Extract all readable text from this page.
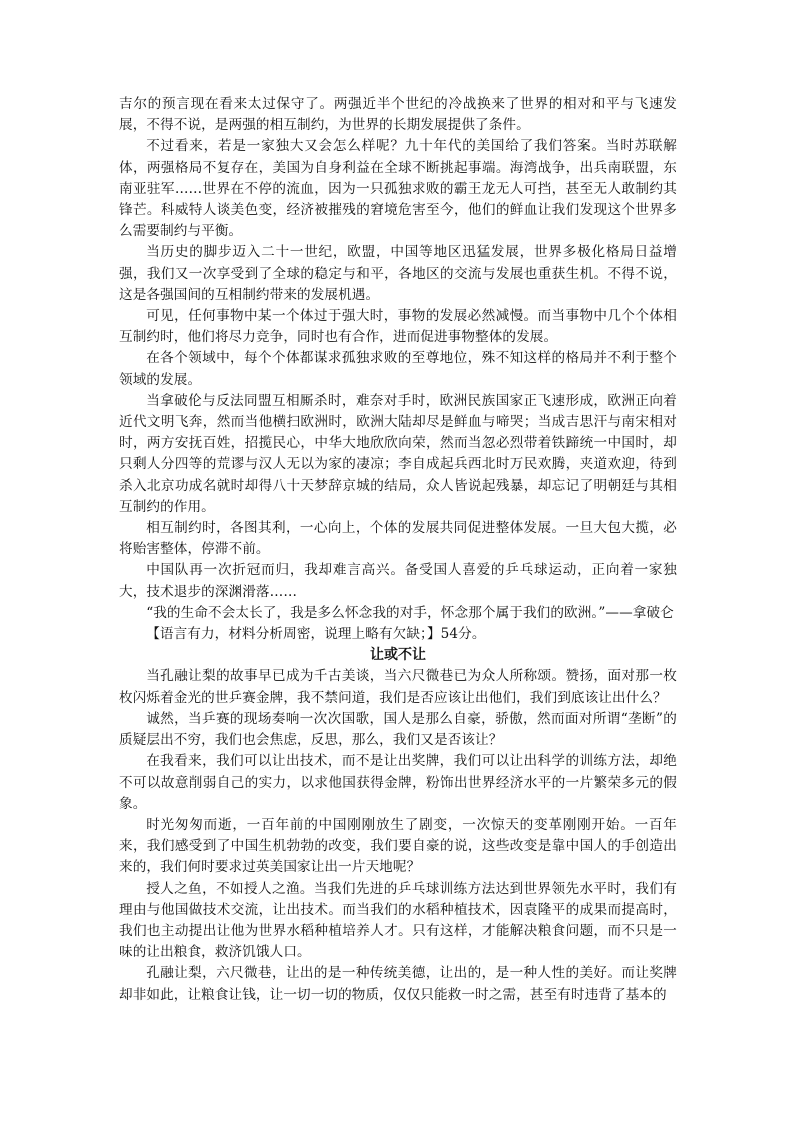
吉尔的预言现在看来太过保守了。两强近半个世纪的冷战换来了世界的相对和平与飞速发展，不得不说，是两强的相互制约，为世界的长期发展提供了条件。

不过看来，若是一家独大又会怎么样呢？九十年代的美国给了我们答案。当时苏联解体，两强格局不复存在，美国为自身利益在全球不断挑起事端。海湾战争，出兵南联盟，东南亚驻军……世界在不停的流血，因为一只孤独求败的霸王龙无人可挡，甚至无人敢制约其锋芒。科威特人谈美色变，经济被摧残的窘境危害至今，他们的鲜血让我们发现这个世界多么需要制约与平衡。

当历史的脚步迈入二十一世纪，欧盟，中国等地区迅猛发展，世界多极化格局日益增强，我们又一次享受到了全球的稳定与和平，各地区的交流与发展也重获生机。不得不说，这是各强国间的互相制约带来的发展机遇。

可见，任何事物中某一个体过于强大时，事物的发展必然减慢。而当事物中几个个体相互制约时，他们将尽力竞争，同时也有合作，进而促进事物整体的发展。

在各个领域中，每个个体都谋求孤独求败的至尊地位，殊不知这样的格局并不利于整个领域的发展。

当拿破伦与反法同盟互相厮杀时，难奈对手时，欧洲民族国家正飞速形成，欧洲正向着近代文明飞奔，然而当他横扫欧洲时，欧洲大陆却尽是鲜血与啼哭；当成吉思汗与南宋相对时，两方安抚百姓，招揽民心，中华大地欣欣向荣，然而当忽必烈带着铁蹄统一中国时，却只剩人分四等的荒谬与汉人无以为家的凄凉；李自成起兵西北时万民欢腾，夹道欢迎，待到杀入北京功成名就时却得八十天梦辞京城的结局，众人皆说起残暴，却忘记了明朝廷与其相互制约的作用。

相互制约时，各图其利，一心向上，个体的发展共同促进整体发展。一旦大包大揽，必将贻害整体，停滞不前。

中国队再一次折冠而归，我却难言高兴。备受国人喜爱的乒乓球运动，正向着一家独大，技术退步的深渊滑落……

“我的生命不会太长了，我是多么怀念我的对手，怀念那个属于我们的欧洲。”——拿破仑

【语言有力，材料分析周密，说理上略有欠缺；】54分。

让或不让

当孔融让梨的故事早已成为千古美谈，当六尺微巷已为众人所称颂。赞扬，面对那一枚枚闪烁着金光的世乒赛金牌，我不禁问道，我们是否应该让出他们，我们到底该让出什么？

诚然，当乒赛的现场奏响一次次国歌，国人是那么自豪，骄傲，然而面对所谓“垄断”的质疑层出不穷，我们也会焦虑，反思，那么，我们又是否该让？

在我看来，我们可以让出技术，而不是让出奖牌，我们可以让出科学的训练方法，却绝不可以故意削弱自己的实力，以求他国获得金牌，粉饰出世界经济水平的一片繁荣多元的假象。

时光匆匆而逝，一百年前的中国刚刚放生了剧变，一次惊天的变革刚刚开始。一百年来，我们感受到了中国生机勃勃的改变，我们要自豪的说，这些改变是靠中国人的手创造出来的，我们何时要求过英美国家让出一片天地呢？

授人之鱼，不如授人之渔。当我们先进的乒乓球训练方法达到世界领先水平时，我们有理由与他国做技术交流，让出技术。而当我们的水稻种植技术，因袁隆平的成果而提高时，我们也主动提出让他为世界水稻种植培养人才。只有这样，才能解决粮食问题，而不只是一味的让出粮食，救济饥饿人口。

孔融让梨，六尺微巷，让出的是一种传统美德，让出的，是一种人性的美好。而让奖牌却非如此，让粮食让钱，让一切一切的物质，仅仅只能救一时之需，甚至有时违背了基本的
